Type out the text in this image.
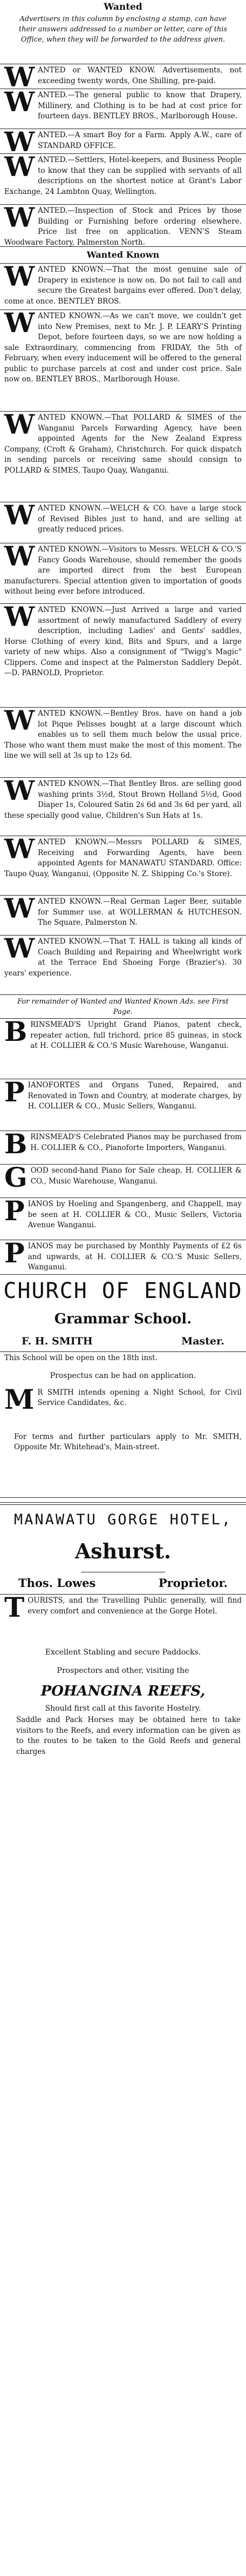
Wanted
Advertisers in this column by enclosing a stamp, can have their answers addressed to a number or letter, care of this Office, when they will be forwarded to the address given.
WANTED or WANTED KNOW. Advertisements, not exceeding twenty words, One Shilling, pre-paid.
WANTED.—The general public to know that Drapery, Millinery, and Clothing is to be had at cost price for fourteen days. BENTLEY BROS., Marlborough House.
WANTED.—A smart Boy for a Farm. Apply A.W., care of STANDARD OFFICE.
WANTED.—Settlers, Hotel-keepers, and Business People to know that they can be supplied with servants of all descriptions on the shortest notice at Grant's Labor Exchange, 24 Lambton Quay, Wellington.
WANTED.—Inspection of Stock and Prices by those Building or Furnishing before ordering elsewhere. Price list free on application. VENN'S Steam Woodware Factory, Palmerston North.
Wanted Known
WANTED KNOWN.—That the most genuine sale of Drapery in existence is now on. Do not fail to call and secure the Greatest bargains ever offered. Don't delay, come at once. BENTLEY BROS.
WANTED KNOWN.—As we can't move, we couldn't get into New Premises, next to Mr. J. P. LEARY'S Printing Depot, before fourteen days, so we are now holding a sale Extraordinary, commencing from FRIDAY, the 5th of February, when every inducement will be offered to the general public to purchase parcels at cost and under cost price. Sale now on. BENTLEY BROS., Marlborough House.
WANTED KNOWN.—That POLLARD & SIMES of the Wanganui Parcels Forwarding Agency, have been appointed Agents for the New Zealand Express Company, (Croft & Graham), Christchurch. For quick dispatch in sending parcels or receiving same should consign to POLLARD & SIMES, Taupo Quay, Wanganui.
WANTED KNOWN.—WELCH & CO. have a large stock of Revised Bibles just to hand, and are selling at greatly reduced prices.
WANTED KNOWN.—Visitors to Messrs. WELCH & CO.'S Fancy Goods Warehouse, should remember the goods are imported direct from the best European manufacturers. Special attention given to importation of goods without being ever before introduced.
WANTED KNOWN.—Just Arrived a large and varied assortment of newly manufactured Saddlery of every description, including Ladies' and Gents' saddles, Horse Clothing of every kind, Bits and Spurs, and a large variety of new whips. Also a consignment of "Twigg's Magic" Clippers. Come and inspect at the Palmerston Saddlery Depôt.—D. PARNOLD, Proprietor.
WANTED KNOWN.—Bentley Bros. have on hand a job lot Pique Pelisses bought at a large discount which enables us to sell them much below the usual price. Those who want them must make the most of this moment. The line we will sell at 3s up to 12s 6d.
WANTED KNOWN.—That Bentley Bros. are selling good washing prints 3½d, Stout Brown Holland 5½d, Good Diaper 1s, Coloured Satin 2s 6d and 3s 6d per yard, all these specially good value, Children's Sun Hats at 1s.
WANTED KNOWN.—Messrs POLLARD & SIMES, Receiving and Forwarding Agents, have been appointed Agents for MANAWATU STANDARD. Office: Taupo Quay, Wanganui, (Opposite N. Z. Shipping Co.'s Store).
WANTED KNOWN.—Real German Lager Beer, suitable for Summer use. at WOLLERMAN & HUTCHESON. The Square, Palmerston N.
WANTED KNOWN.—That T. HALL is taking all kinds of Coach Building and Repairing and Wheelwright work at the Terrace End Shoeing Forge (Brazier's). 30 years' experience.
For remainder of Wanted and Wanted Known Ads. see First Page.
BRINSMEAD'S Upright Grand Pianos, patent check, repeater action, full trichord, price 85 guineas, in stock at H. COLLIER & CO.'S Music Warehouse, Wanganui.
PIANOFORTES and Organs Tuned, Repaired, and Renovated in Town and Country, at moderate charges, by H. COLLIER & CO., Music Sellers, Wanganui.
BRINSMEAD'S Celebrated Pianos may be purchased from H. COLLIER & CO., Pianoforte Importers, Wanganui.
GOOD second-hand Piano for Sale cheap. H. COLLIER & CO., Music Warehouse, Wanganui.
PIANOS by Hoeling and Spangenberg, and Chappell, may be seen at H. COLLIER & CO., Music Sellers, Victoria Avenue Wanganui.
PIANOS may be purchased by Monthly Payments of £2 6s and upwards, at H. COLLIER & CO.'S Music Sellers, Wanganui.
CHURCH OF ENGLAND
Grammar School.
F. H. SMITH	Master.
This School will be open on the 18th inst.
Prospectus can be had on application.
M R SMITH intends opening a Night School, for Civil Service Candidates, &c.
For terms and further particulars apply to Mr. SMITH, Opposite Mr. Whitehead's, Main-street.
MANAWATU GORGE HOTEL,
Ashurst.
Thos. Lowes	Proprietor.
TOURISTS, and the Travelling Public generally, will find every comfort and convenience at the Gorge Hotel.
Excellent Stabling and secure Paddocks.
Prospectors and other, visiting the
POHANGINA REEFS,
Should first call at this favorite Hostelry.
Saddle and Pack Horses may be obtained here to take visitors to the Reefs, and every information can be given as to the routes to be taken to the Gold Reefs and general charges
